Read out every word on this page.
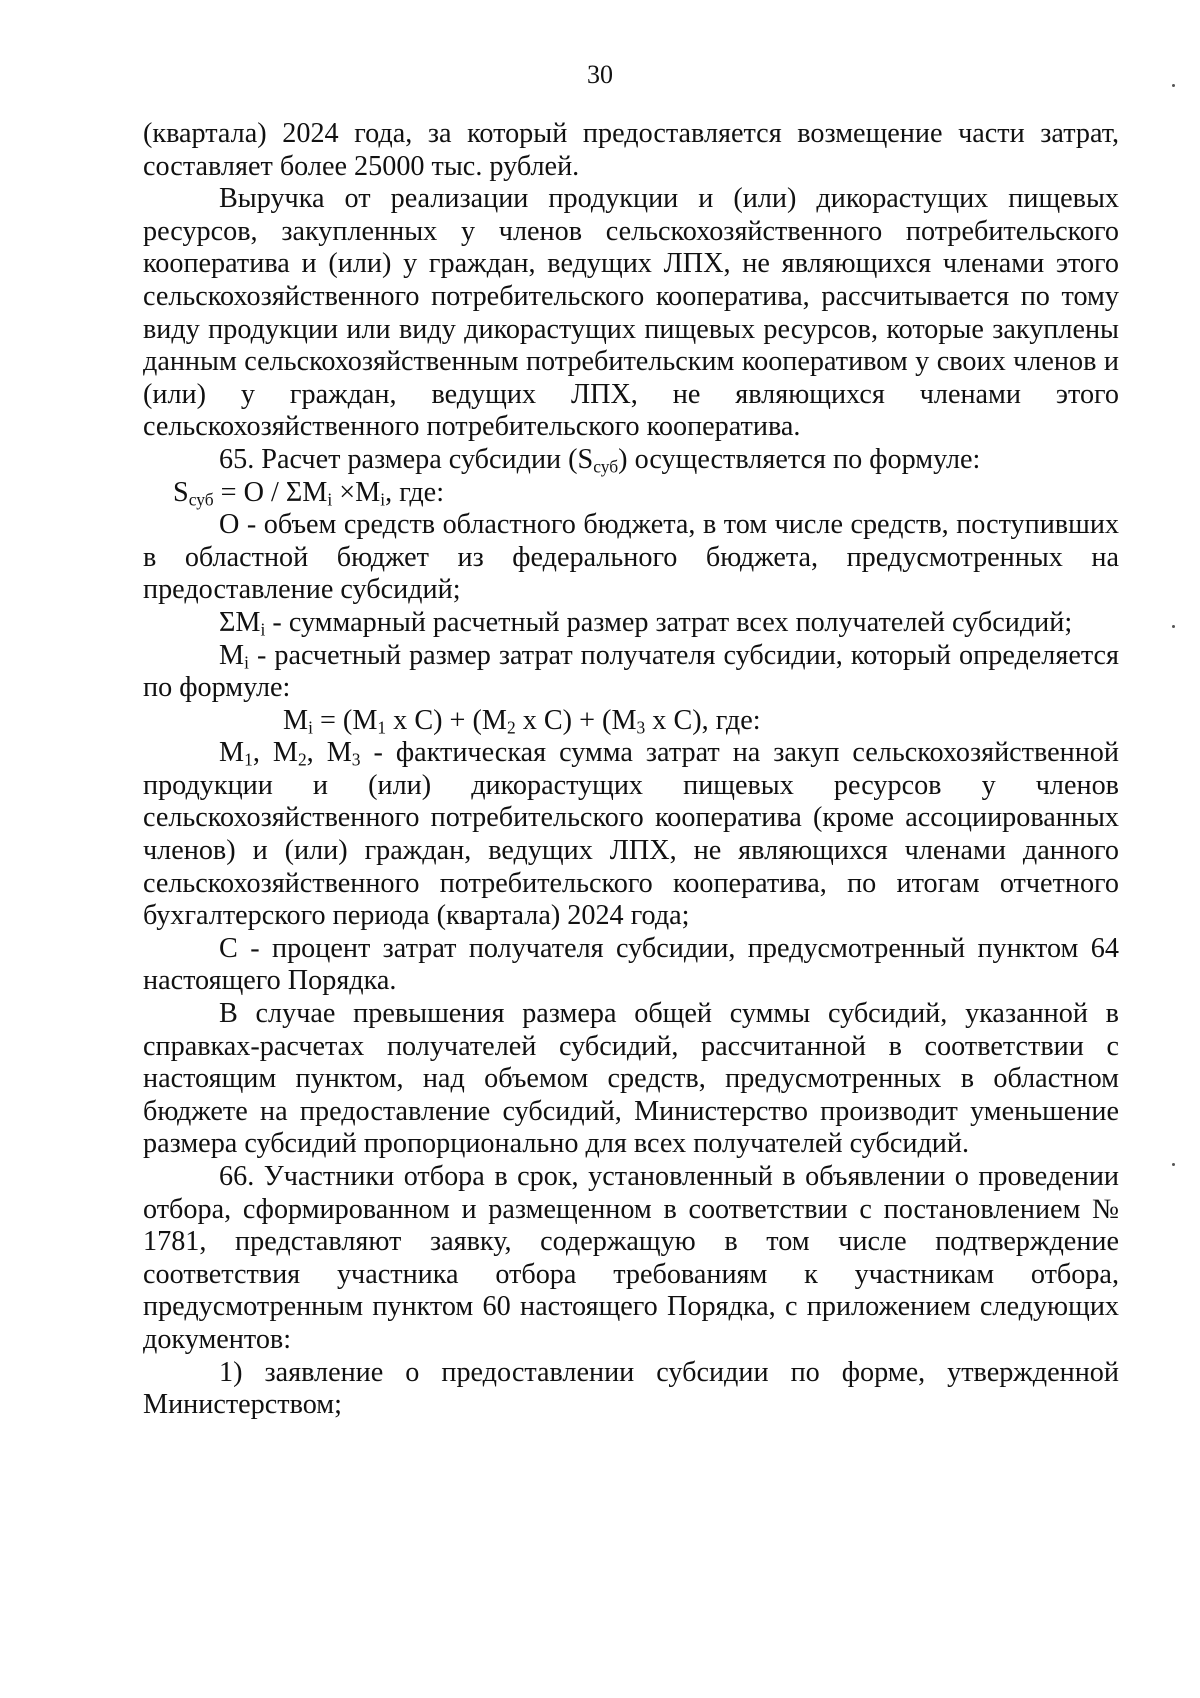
30

(квартала) 2024 года, за который предоставляется возмещение части затрат, составляет более 25000 тыс. рублей.

Выручка от реализации продукции и (или) дикорастущих пищевых ресурсов, закупленных у членов сельскохозяйственного потребительского кооператива и (или) у граждан, ведущих ЛПХ, не являющихся членами этого сельскохозяйственного потребительского кооператива, рассчитывается по тому виду продукции или виду дикорастущих пищевых ресурсов, которые закуплены данным сельскохозяйственным потребительским кооперативом у своих членов и (или) у граждан, ведущих ЛПХ, не являющихся членами этого сельскохозяйственного потребительского кооператива.

65. Расчет размера субсидии $(S_{суб})$ осуществляется по формуле:

$S_{суб} = О / \Sigma M_i \times M_i$, где:

О - объем средств областного бюджета, в том числе средств, поступивших в областной бюджет из федерального бюджета, предусмотренных на предоставление субсидий;

$\Sigma M_i$ - суммарный расчетный размер затрат всех получателей субсидий;

$M_i$ - расчетный размер затрат получателя субсидии, который определяется по формуле:

$M_i = (M_1$ x $C) + (M_2$ x $C) + (M_3$ x C), где:

$M_1$, $M_2$, $M_3$ - фактическая сумма затрат на закуп сельскохозяйственной продукции и (или) дикорастущих пищевых ресурсов у членов сельскохозяйственного потребительского кооператива (кроме ассоциированных членов) и (или) граждан, ведущих ЛПХ, не являющихся членами данного сельскохозяйственного потребительского кооператива, по итогам отчетного бухгалтерского периода (квартала) 2024 года;

С - процент затрат получателя субсидии, предусмотренный пунктом 64 настоящего Порядка.

В случае превышения размера общей суммы субсидий, указанной в справках-расчетах получателей субсидий, рассчитанной в соответствии с настоящим пунктом, над объемом средств, предусмотренных в областном бюджете на предоставление субсидий, Министерство производит уменьшение размера субсидий пропорционально для всех получателей субсидий.

66. Участники отбора в срок, установленный в объявлении о проведении отбора, сформированном и размещенном в соответствии с постановлением № 1781, представляют заявку, содержащую в том числе подтверждение соответствия участника отбора требованиям к участникам отбора, предусмотренным пунктом 60 настоящего Порядка, с приложением следующих документов:

1) заявление о предоставлении субсидии по форме, утвержденной Министерством;
